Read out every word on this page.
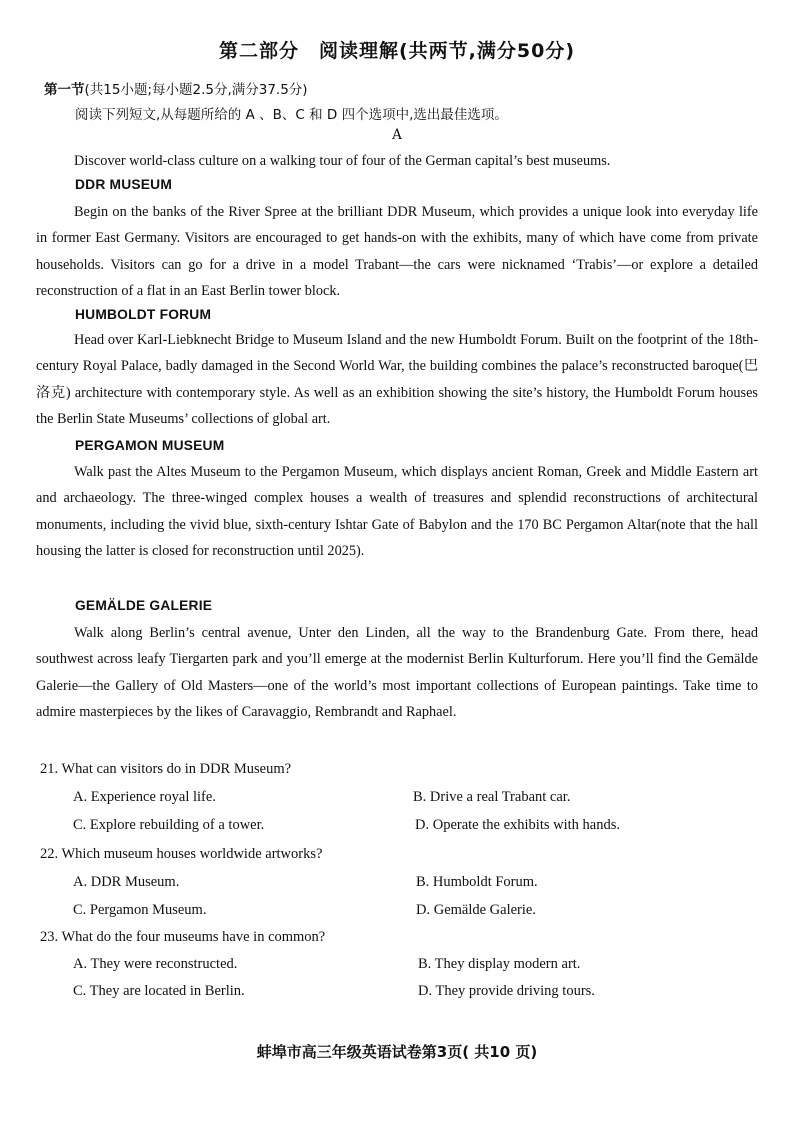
第二部分　阅读理解(共两节,满分50分)
第一节(共15小题;每小题2.5分,满分37.5分)
阅读下列短文,从每题所给的 A 、B、C 和 D 四个选项中,选出最佳选项。
A

Discover world-class culture on a walking tour of four of the German capital’s best museums.

DDR MUSEUM

Begin on the banks of the River Spree at the brilliant DDR Museum, which provides a unique look into everyday life in former East Germany. Visitors are encouraged to get hands-on with the exhibits, many of which have come from private households. Visitors can go for a drive in a model Trabant—the cars were nicknamed ‘Trabis’—or explore a detailed reconstruction of a flat in an East Berlin tower block.

HUMBOLDT FORUM

Head over Karl-Liebknecht Bridge to Museum Island and the new Humboldt Forum. Built on the footprint of the 18th-century Royal Palace, badly damaged in the Second World War, the building combines the palace’s reconstructed baroque(巴洛克) architecture with contemporary style. As well as an exhibition showing the site’s history, the Humboldt Forum houses the Berlin State Museums’ collections of global art.

PERGAMON MUSEUM

Walk past the Altes Museum to the Pergamon Museum, which displays ancient Roman, Greek and Middle Eastern art and archaeology. The three-winged complex houses a wealth of treasures and splendid reconstructions of architectural monuments, including the vivid blue, sixth-century Ishtar Gate of Babylon and the 170 BC Pergamon Altar(note that the hall housing the latter is closed for reconstruction until 2025).

GEMÄLDE GALERIE

Walk along Berlin’s central avenue, Unter den Linden, all the way to the Brandenburg Gate. From there, head southwest across leafy Tiergarten park and you’ll emerge at the modernist Berlin Kulturforum. Here you’ll find the Gemälde Galerie—the Gallery of Old Masters—one of the world’s most important collections of European paintings. Take time to admire masterpieces by the likes of Caravaggio, Rembrandt and Raphael.

21. What can visitors do in DDR Museum?
A. Experience royal life.	B. Drive a real Trabant car.
C. Explore rebuilding of a tower.	D. Operate the exhibits with hands.
22. Which museum houses worldwide artworks?
A. DDR Museum.	B. Humboldt Forum.
C. Pergamon Museum.	D. Gemälde Galerie.
23. What do the four museums have in common?
A. They were reconstructed.	B. They display modern art.
C. They are located in Berlin.	D. They provide driving tours.
蚌埠市高三年级英语试卷第3页( 共10 页)
